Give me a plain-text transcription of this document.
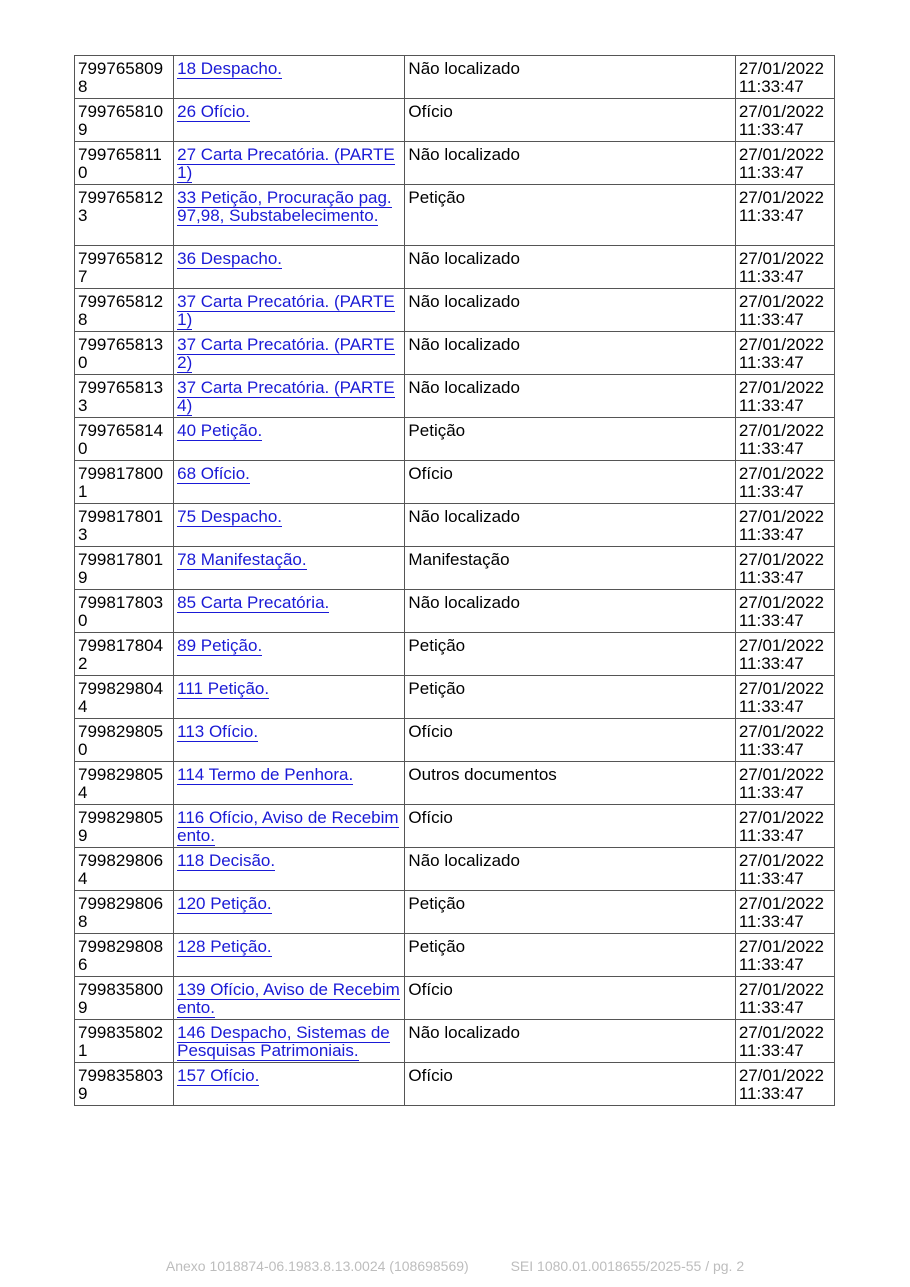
7997658098	18 Despacho.	Não localizado	27/01/2022
11:33:47

7997658109	26 Ofício.	Ofício	27/01/2022
11:33:47

7997658110	27 Carta Precatória. (PARTE 1)	Não localizado	27/01/2022
11:33:47

7997658123	33 Petição, Procuração pag. 97,98, Substabelecimento.	Petição	27/01/2022
11:33:47

7997658127	36 Despacho.	Não localizado	27/01/2022
11:33:47

7997658128	37 Carta Precatória. (PARTE 1)	Não localizado	27/01/2022
11:33:47

7997658130	37 Carta Precatória. (PARTE 2)	Não localizado	27/01/2022
11:33:47

7997658133	37 Carta Precatória. (PARTE 4)	Não localizado	27/01/2022
11:33:47

7997658140	40 Petição.	Petição	27/01/2022
11:33:47

7998178001	68 Ofício.	Ofício	27/01/2022
11:33:47

7998178013	75 Despacho.	Não localizado	27/01/2022
11:33:47

7998178019	78 Manifestação.	Manifestação	27/01/2022
11:33:47

7998178030	85 Carta Precatória.	Não localizado	27/01/2022
11:33:47

7998178042	89 Petição.	Petição	27/01/2022
11:33:47

7998298044	111 Petição.	Petição	27/01/2022
11:33:47

7998298050	113 Ofício.	Ofício	27/01/2022
11:33:47

7998298054	114 Termo de Penhora.	Outros documentos	27/01/2022
11:33:47

7998298059	116 Ofício, Aviso de Recebimento.	Ofício	27/01/2022
11:33:47

7998298064	118 Decisão.	Não localizado	27/01/2022
11:33:47

7998298068	120 Petição.	Petição	27/01/2022
11:33:47

7998298086	128 Petição.	Petição	27/01/2022
11:33:47

7998358009	139 Ofício, Aviso de Recebimento.	Ofício	27/01/2022
11:33:47

7998358021	146 Despacho, Sistemas de Pesquisas Patrimoniais.	Não localizado	27/01/2022
11:33:47

7998358039	157 Ofício.	Ofício	27/01/2022
11:33:47
Anexo 1018874-06.1983.8.13.0024 (108698569)	SEI 1080.01.0018655/2025-55 / pg. 2
